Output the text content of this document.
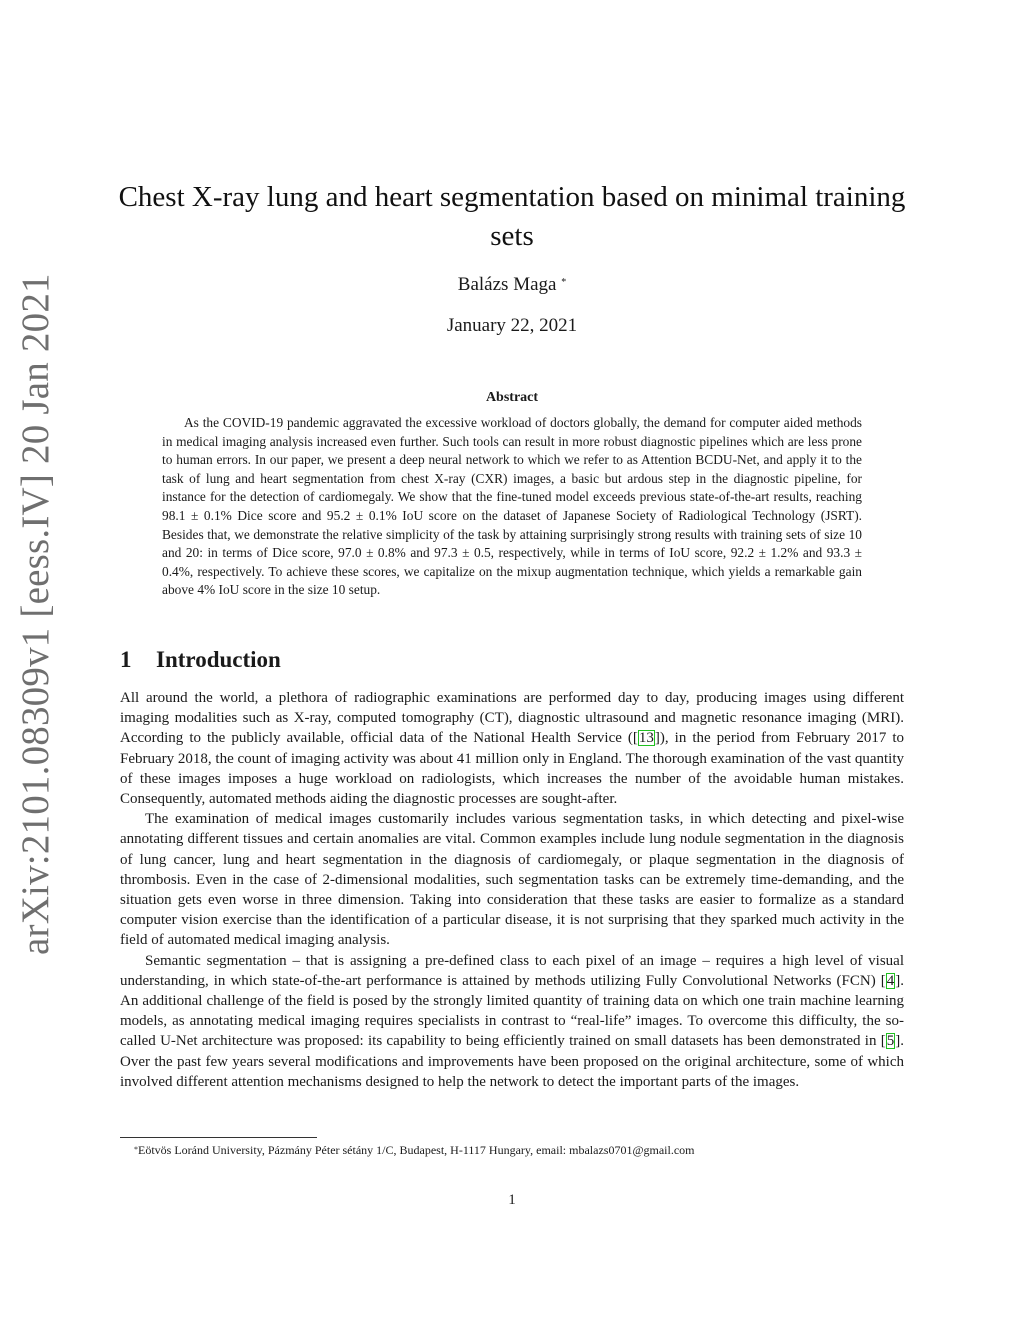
arXiv:2101.08309v1 [eess.IV] 20 Jan 2021
Chest X-ray lung and heart segmentation based on minimal training sets
Balázs Maga *
January 22, 2021
Abstract

As the COVID-19 pandemic aggravated the excessive workload of doctors globally, the demand for computer aided methods in medical imaging analysis increased even further. Such tools can result in more robust diagnostic pipelines which are less prone to human errors. In our paper, we present a deep neural network to which we refer to as Attention BCDU-Net, and apply it to the task of lung and heart segmentation from chest X-ray (CXR) images, a basic but ardous step in the diagnostic pipeline, for instance for the detection of cardiomegaly. We show that the fine-tuned model exceeds previous state-of-the-art results, reaching 98.1 ± 0.1% Dice score and 95.2 ± 0.1% IoU score on the dataset of Japanese Society of Radiological Technology (JSRT). Besides that, we demonstrate the relative simplicity of the task by attaining surprisingly strong results with training sets of size 10 and 20: in terms of Dice score, 97.0 ± 0.8% and 97.3 ± 0.5, respectively, while in terms of IoU score, 92.2 ± 1.2% and 93.3 ± 0.4%, respectively. To achieve these scores, we capitalize on the mixup augmentation technique, which yields a remarkable gain above 4% IoU score in the size 10 setup.

1 Introduction

All around the world, a plethora of radiographic examinations are performed day to day, producing images using different imaging modalities such as X-ray, computed tomography (CT), diagnostic ultrasound and magnetic resonance imaging (MRI). According to the publicly available, official data of the National Health Service ([13]), in the period from February 2017 to February 2018, the count of imaging activity was about 41 million only in England. The thorough examination of the vast quantity of these images imposes a huge workload on radiologists, which increases the number of the avoidable human mistakes. Consequently, automated methods aiding the diagnostic processes are sought-after.

The examination of medical images customarily includes various segmentation tasks, in which detecting and pixel-wise annotating different tissues and certain anomalies are vital. Common examples include lung nodule segmentation in the diagnosis of lung cancer, lung and heart segmentation in the diagnosis of cardiomegaly, or plaque segmentation in the diagnosis of thrombosis. Even in the case of 2-dimensional modalities, such segmentation tasks can be extremely time-demanding, and the situation gets even worse in three dimension. Taking into consideration that these tasks are easier to formalize as a standard computer vision exercise than the identification of a particular disease, it is not surprising that they sparked much activity in the field of automated medical imaging analysis.

Semantic segmentation – that is assigning a pre-defined class to each pixel of an image – requires a high level of visual understanding, in which state-of-the-art performance is attained by methods utilizing Fully Convolutional Networks (FCN) [4]. An additional challenge of the field is posed by the strongly limited quantity of training data on which one train machine learning models, as annotating medical imaging requires specialists in contrast to “real-life” images. To overcome this difficulty, the so-called U-Net architecture was proposed: its capability to being efficiently trained on small datasets has been demonstrated in [5]. Over the past few years several modifications and improvements have been proposed on the original architecture, some of which involved different attention mechanisms designed to help the network to detect the important parts of the images.

*Eötvös Loránd University, Pázmány Péter sétány 1/C, Budapest, H-1117 Hungary, email: mbalazs0701@gmail.com
1
